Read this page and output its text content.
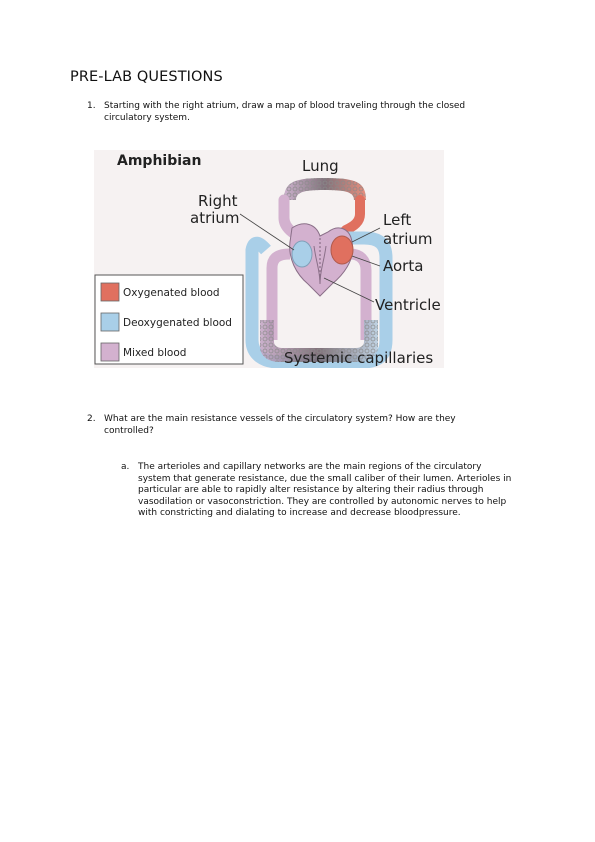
PRE-LAB QUESTIONS
1. Starting with the right atrium, draw a map of blood traveling through the closed circulatory system.
Amphibian	Lung
Right
atrium	Left
atrium
Aorta
Ventricle
Systemic capillaries
Oxygenated blood
Deoxygenated blood
Mixed blood
2. What are the main resistance vessels of the circulatory system? How are they controlled?
a. The arterioles and capillary networks are the main regions of the circulatory system that generate resistance, due the small caliber of their lumen. Arterioles in particular are able to rapidly alter resistance by altering their radius through vasodilation or vasoconstriction. They are controlled by autonomic nerves to help with constricting and dialating to increase and decrease bloodpressure.
